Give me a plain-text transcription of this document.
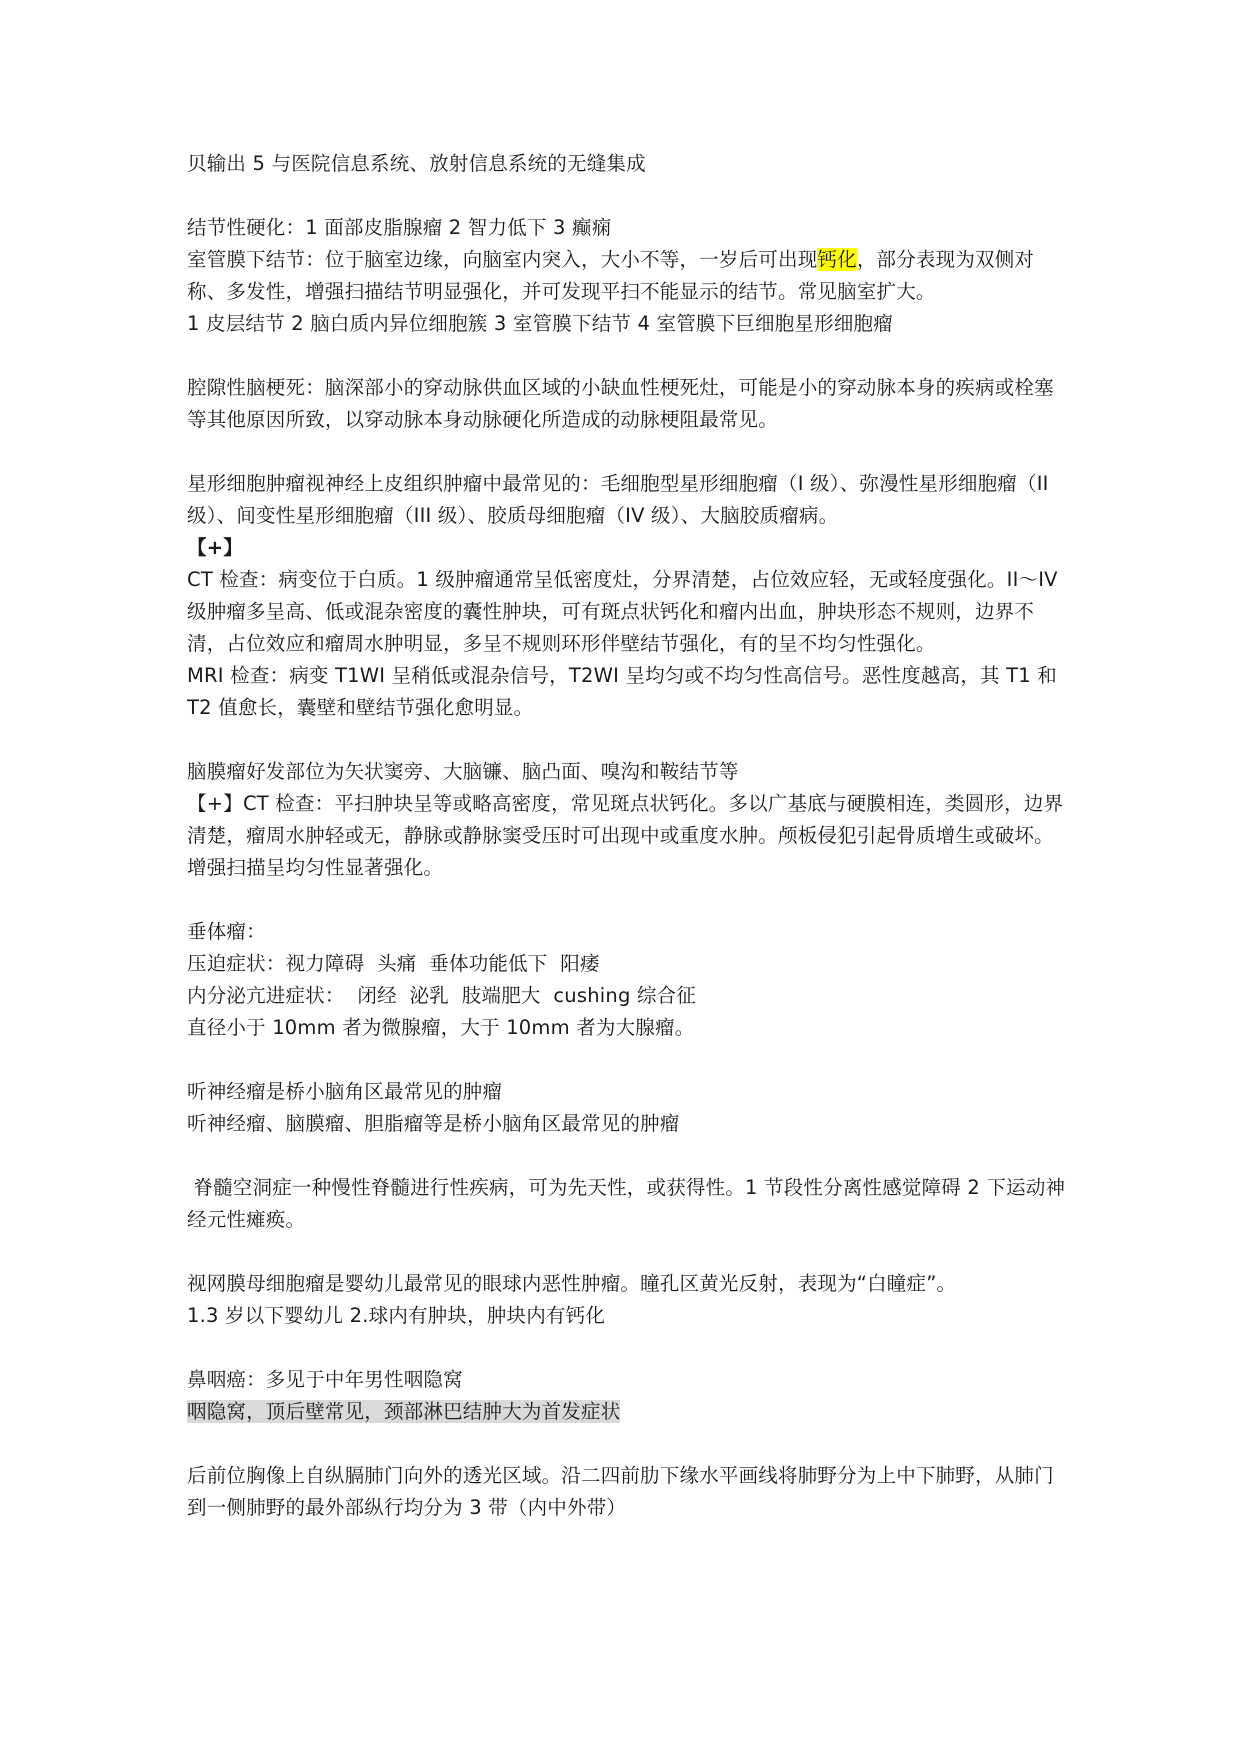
贝输出 5 与医院信息系统、放射信息系统的无缝集成

结节性硬化：1 面部皮脂腺瘤 2 智力低下 3 癫痫

室管膜下结节：位于脑室边缘，向脑室内突入，大小不等，一岁后可出现钙化，部分表现为双侧对称、多发性，增强扫描结节明显强化，并可发现平扫不能显示的结节。常见脑室扩大。

1 皮层结节 2 脑白质内异位细胞簇 3 室管膜下结节 4 室管膜下巨细胞星形细胞瘤

腔隙性脑梗死：脑深部小的穿动脉供血区域的小缺血性梗死灶，可能是小的穿动脉本身的疾病或栓塞等其他原因所致，以穿动脉本身动脉硬化所造成的动脉梗阻最常见。

星形细胞肿瘤视神经上皮组织肿瘤中最常见的：毛细胞型星形细胞瘤（I 级）、弥漫性星形细胞瘤（II 级）、间变性星形细胞瘤（III 级）、胶质母细胞瘤（IV 级）、大脑胶质瘤病。

【+】

CT 检查：病变位于白质。1 级肿瘤通常呈低密度灶，分界清楚，占位效应轻，无或轻度强化。II～IV 级肿瘤多呈高、低或混杂密度的囊性肿块，可有斑点状钙化和瘤内出血，肿块形态不规则，边界不清，占位效应和瘤周水肿明显，多呈不规则环形伴壁结节强化，有的呈不均匀性强化。

MRI 检查：病变 T1WI 呈稍低或混杂信号，T2WI 呈均匀或不均匀性高信号。恶性度越高，其 T1 和 T2 值愈长，囊壁和壁结节强化愈明显。

脑膜瘤好发部位为矢状窦旁、大脑镰、脑凸面、嗅沟和鞍结节等

【+】CT 检查：平扫肿块呈等或略高密度，常见斑点状钙化。多以广基底与硬膜相连，类圆形，边界清楚，瘤周水肿轻或无，静脉或静脉窦受压时可出现中或重度水肿。颅板侵犯引起骨质增生或破坏。增强扫描呈均匀性显著强化。

垂体瘤：

压迫症状：视力障碍  头痛  垂体功能低下  阳痿

内分泌亢进症状：  闭经  泌乳  肢端肥大  cushing 综合征

直径小于 10mm 者为微腺瘤，大于 10mm 者为大腺瘤。

听神经瘤是桥小脑角区最常见的肿瘤

听神经瘤、脑膜瘤、胆脂瘤等是桥小脑角区最常见的肿瘤

脊髓空洞症一种慢性脊髓进行性疾病，可为先天性，或获得性。1 节段性分离性感觉障碍 2 下运动神经元性瘫痪。

视网膜母细胞瘤是婴幼儿最常见的眼球内恶性肿瘤。瞳孔区黄光反射，表现为“白瞳症”。

1.3 岁以下婴幼儿 2.球内有肿块，肿块内有钙化

鼻咽癌：多见于中年男性咽隐窝

咽隐窝，顶后壁常见，颈部淋巴结肿大为首发症状

后前位胸像上自纵膈肺门向外的透光区域。沿二四前肋下缘水平画线将肺野分为上中下肺野，从肺门到一侧肺野的最外部纵行均分为 3 带（内中外带）
